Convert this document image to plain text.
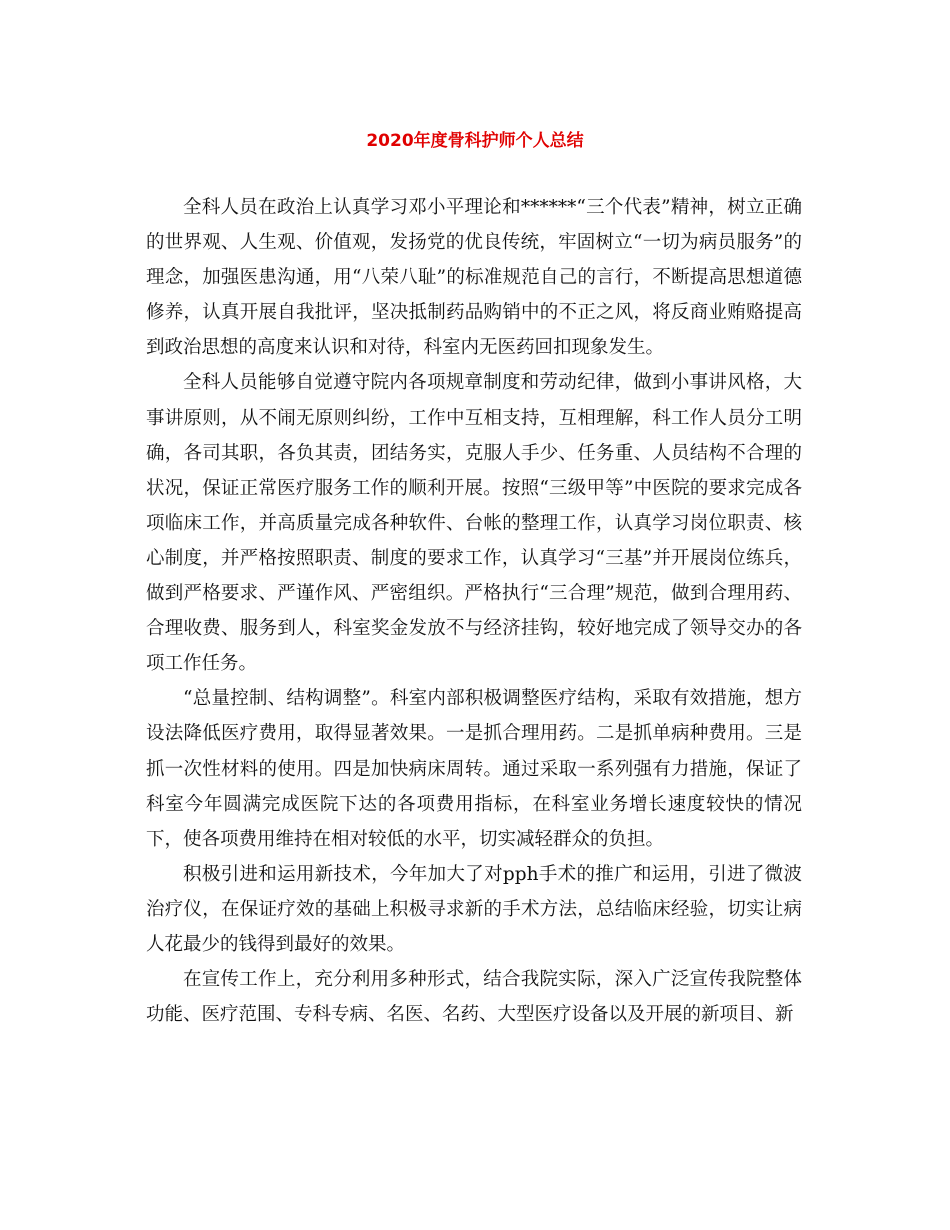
2020年度骨科护师个人总结

全科人员在政治上认真学习邓小平理论和******“三个代表”精神，树立正确的世界观、人生观、价值观，发扬党的优良传统，牢固树立“一切为病员服务”的理念，加强医患沟通，用“八荣八耻”的标准规范自己的言行，不断提高思想道德修养，认真开展自我批评，坚决抵制药品购销中的不正之风，将反商业贿赂提高到政治思想的高度来认识和对待，科室内无医药回扣现象发生。

全科人员能够自觉遵守院内各项规章制度和劳动纪律，做到小事讲风格，大事讲原则，从不闹无原则纠纷，工作中互相支持，互相理解，科工作人员分工明确，各司其职，各负其责，团结务实，克服人手少、任务重、人员结构不合理的状况，保证正常医疗服务工作的顺利开展。按照“三级甲等”中医院的要求完成各项临床工作，并高质量完成各种软件、台帐的整理工作，认真学习岗位职责、核心制度，并严格按照职责、制度的要求工作，认真学习“三基”并开展岗位练兵，做到严格要求、严谨作风、严密组织。严格执行“三合理”规范，做到合理用药、合理收费、服务到人，科室奖金发放不与经济挂钩，较好地完成了领导交办的各项工作任务。

“总量控制、结构调整”。科室内部积极调整医疗结构，采取有效措施，想方设法降低医疗费用，取得显著效果。一是抓合理用药。二是抓单病种费用。三是抓一次性材料的使用。四是加快病床周转。通过采取一系列强有力措施，保证了科室今年圆满完成医院下达的各项费用指标，在科室业务增长速度较快的情况下，使各项费用维持在相对较低的水平，切实减轻群众的负担。

积极引进和运用新技术，今年加大了对pph手术的推广和运用，引进了微波治疗仪，在保证疗效的基础上积极寻求新的手术方法，总结临床经验，切实让病人花最少的钱得到最好的效果。

在宣传工作上，充分利用多种形式，结合我院实际，深入广泛宣传我院整体功能、医疗范围、专科专病、名医、名药、大型医疗设备以及开展的新项目、新
